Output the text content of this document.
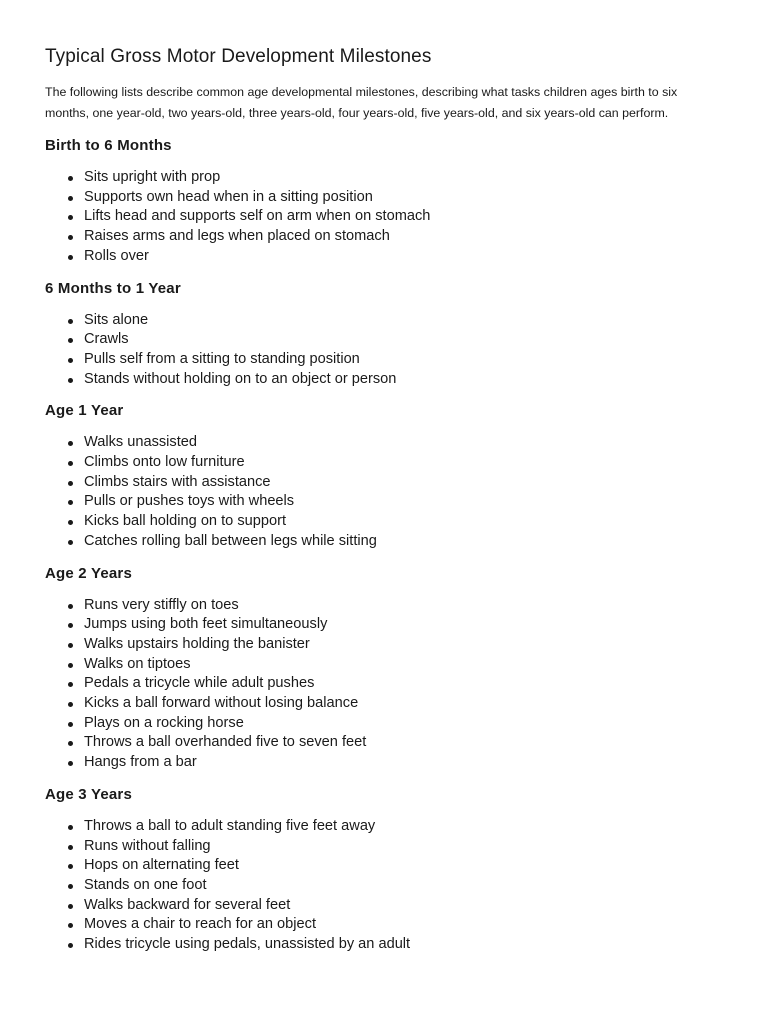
Typical Gross Motor Development Milestones

The following lists describe common age developmental milestones, describing what tasks children ages birth to six months, one year-old, two years-old, three years-old, four years-old, five years-old, and six years-old can perform.

Birth to 6 Months
Sits upright with prop
Supports own head when in a sitting position
Lifts head and supports self on arm when on stomach
Raises arms and legs when placed on stomach
Rolls over
6 Months to 1 Year
Sits alone
Crawls
Pulls self from a sitting to standing position
Stands without holding on to an object or person
Age 1 Year
Walks unassisted
Climbs onto low furniture
Climbs stairs with assistance
Pulls or pushes toys with wheels
Kicks ball holding on to support
Catches rolling ball between legs while sitting
Age 2 Years
Runs very stiffly on toes
Jumps using both feet simultaneously
Walks upstairs holding the banister
Walks on tiptoes
Pedals a tricycle while adult pushes
Kicks a ball forward without losing balance
Plays on a rocking horse
Throws a ball overhanded five to seven feet
Hangs from a bar
Age 3 Years
Throws a ball to adult standing five feet away
Runs without falling
Hops on alternating feet
Stands on one foot
Walks backward for several feet
Moves a chair to reach for an object
Rides tricycle using pedals, unassisted by an adult
